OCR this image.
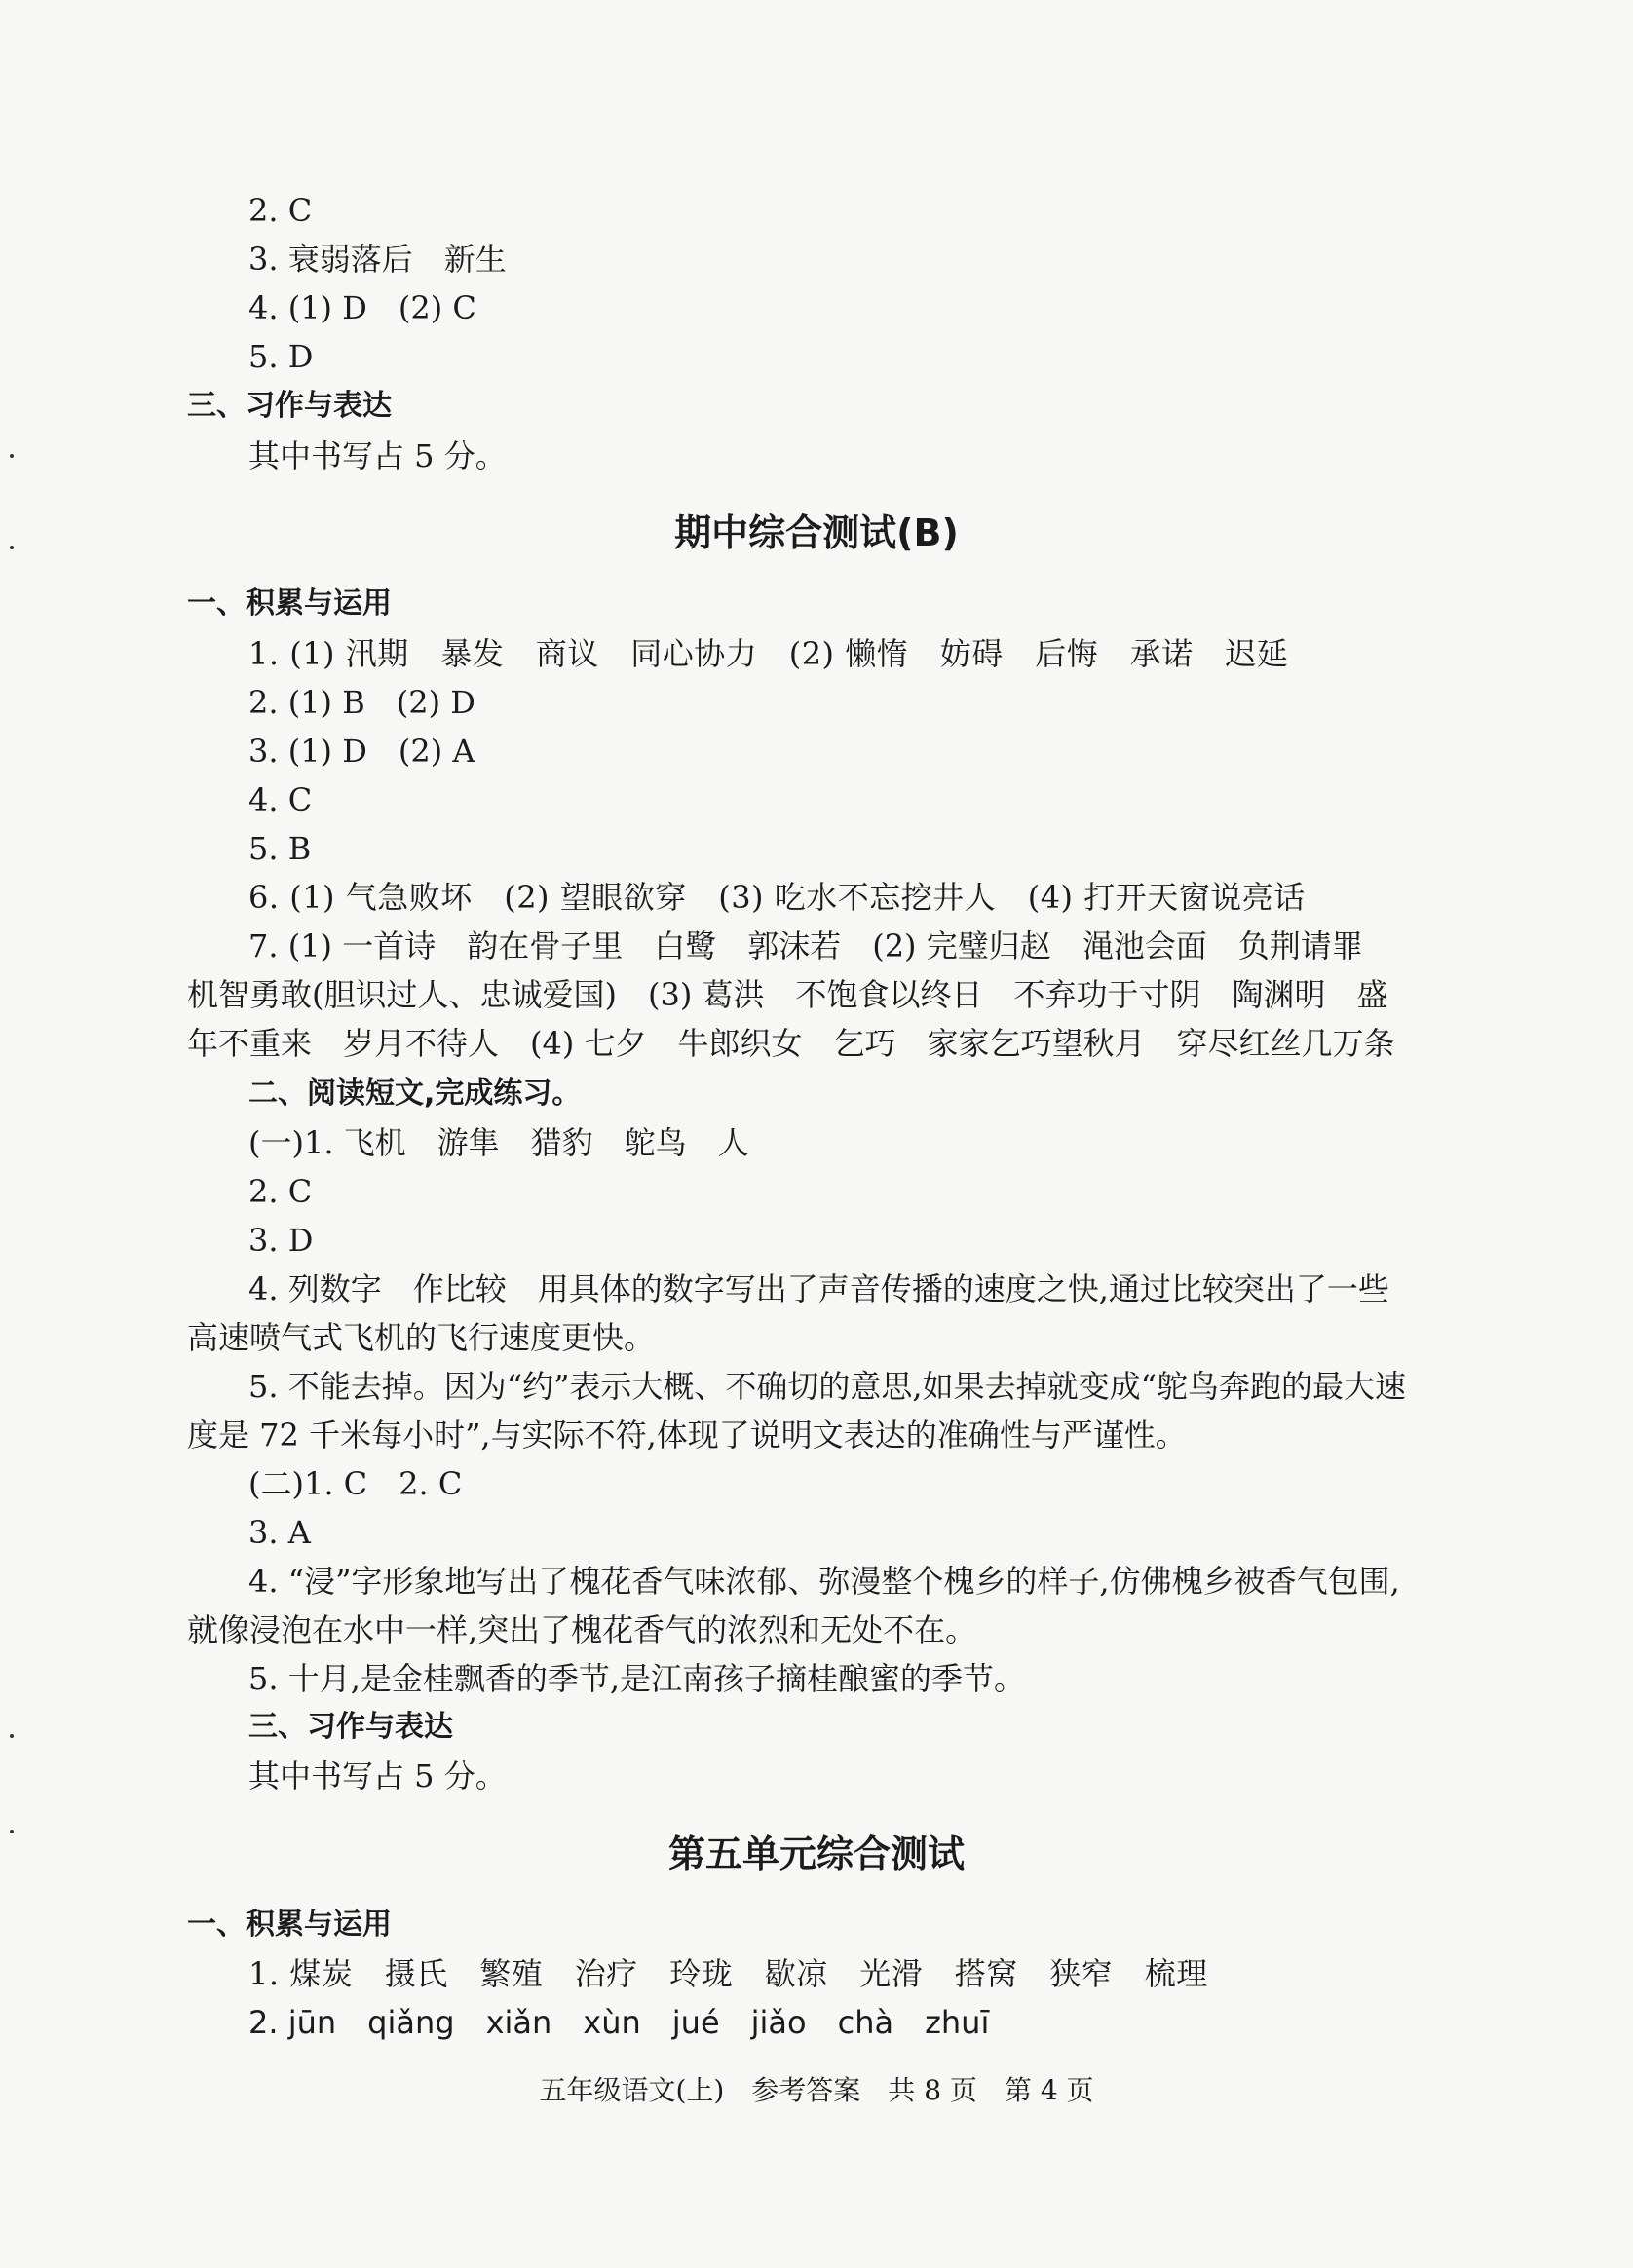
2. C
3. 衰弱落后　新生
4. (1) D　(2) C
5. D
三、习作与表达
其中书写占 5 分。
期中综合测试(B)
一、积累与运用
1. (1) 汛期　暴发　商议　同心协力　(2) 懒惰　妨碍　后悔　承诺　迟延
2. (1) B　(2) D
3. (1) D　(2) A
4. C
5. B
6. (1) 气急败坏　(2) 望眼欲穿　(3) 吃水不忘挖井人　(4) 打开天窗说亮话
7. (1) 一首诗　韵在骨子里　白鹭　郭沫若　(2) 完璧归赵　渑池会面　负荆请罪
机智勇敢(胆识过人、忠诚爱国)　(3) 葛洪　不饱食以终日　不弃功于寸阴　陶渊明　盛
年不重来　岁月不待人　(4) 七夕　牛郎织女　乞巧　家家乞巧望秋月　穿尽红丝几万条
二、阅读短文,完成练习。
(一)1. 飞机　游隼　猎豹　鸵鸟　人
2. C
3. D
4. 列数字　作比较　用具体的数字写出了声音传播的速度之快,通过比较突出了一些
高速喷气式飞机的飞行速度更快。
5. 不能去掉。因为“约”表示大概、不确切的意思,如果去掉就变成“鸵鸟奔跑的最大速
度是 72 千米每小时”,与实际不符,体现了说明文表达的准确性与严谨性。
(二)1. C　2. C
3. A
4. “浸”字形象地写出了槐花香气味浓郁、弥漫整个槐乡的样子,仿佛槐乡被香气包围,
就像浸泡在水中一样,突出了槐花香气的浓烈和无处不在。
5. 十月,是金桂飘香的季节,是江南孩子摘桂酿蜜的季节。
三、习作与表达
其中书写占 5 分。
第五单元综合测试
一、积累与运用
1. 煤炭　摄氏　繁殖　治疗　玲珑　歇凉　光滑　搭窝　狭窄　梳理
2. jūn　qiǎng　xiǎn　xùn　jué　jiǎo　chà　zhuī
五年级语文(上)　参考答案　共 8 页　第 4 页
